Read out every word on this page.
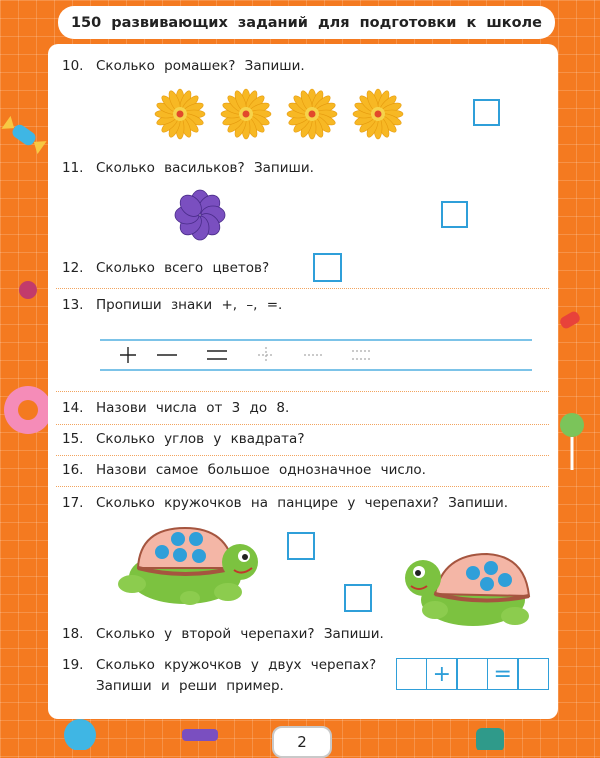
150 развивающих заданий для подготовки к школе
10. Сколько ромашек? Запиши.
11. Сколько васильков? Запиши.
12. Сколько всего цветов?
13. Пропиши знаки +, –, =.
14. Назови числа от 3 до 8.
15. Сколько углов у квадрата?
16. Назови самое большое однозначное число.
17. Сколько кружочков на панцире у черепахи? Запиши.
18. Сколько у второй черепахи? Запиши.
19. Сколько кружочков у двух черепах?
Запиши и реши пример.	+	=
2
